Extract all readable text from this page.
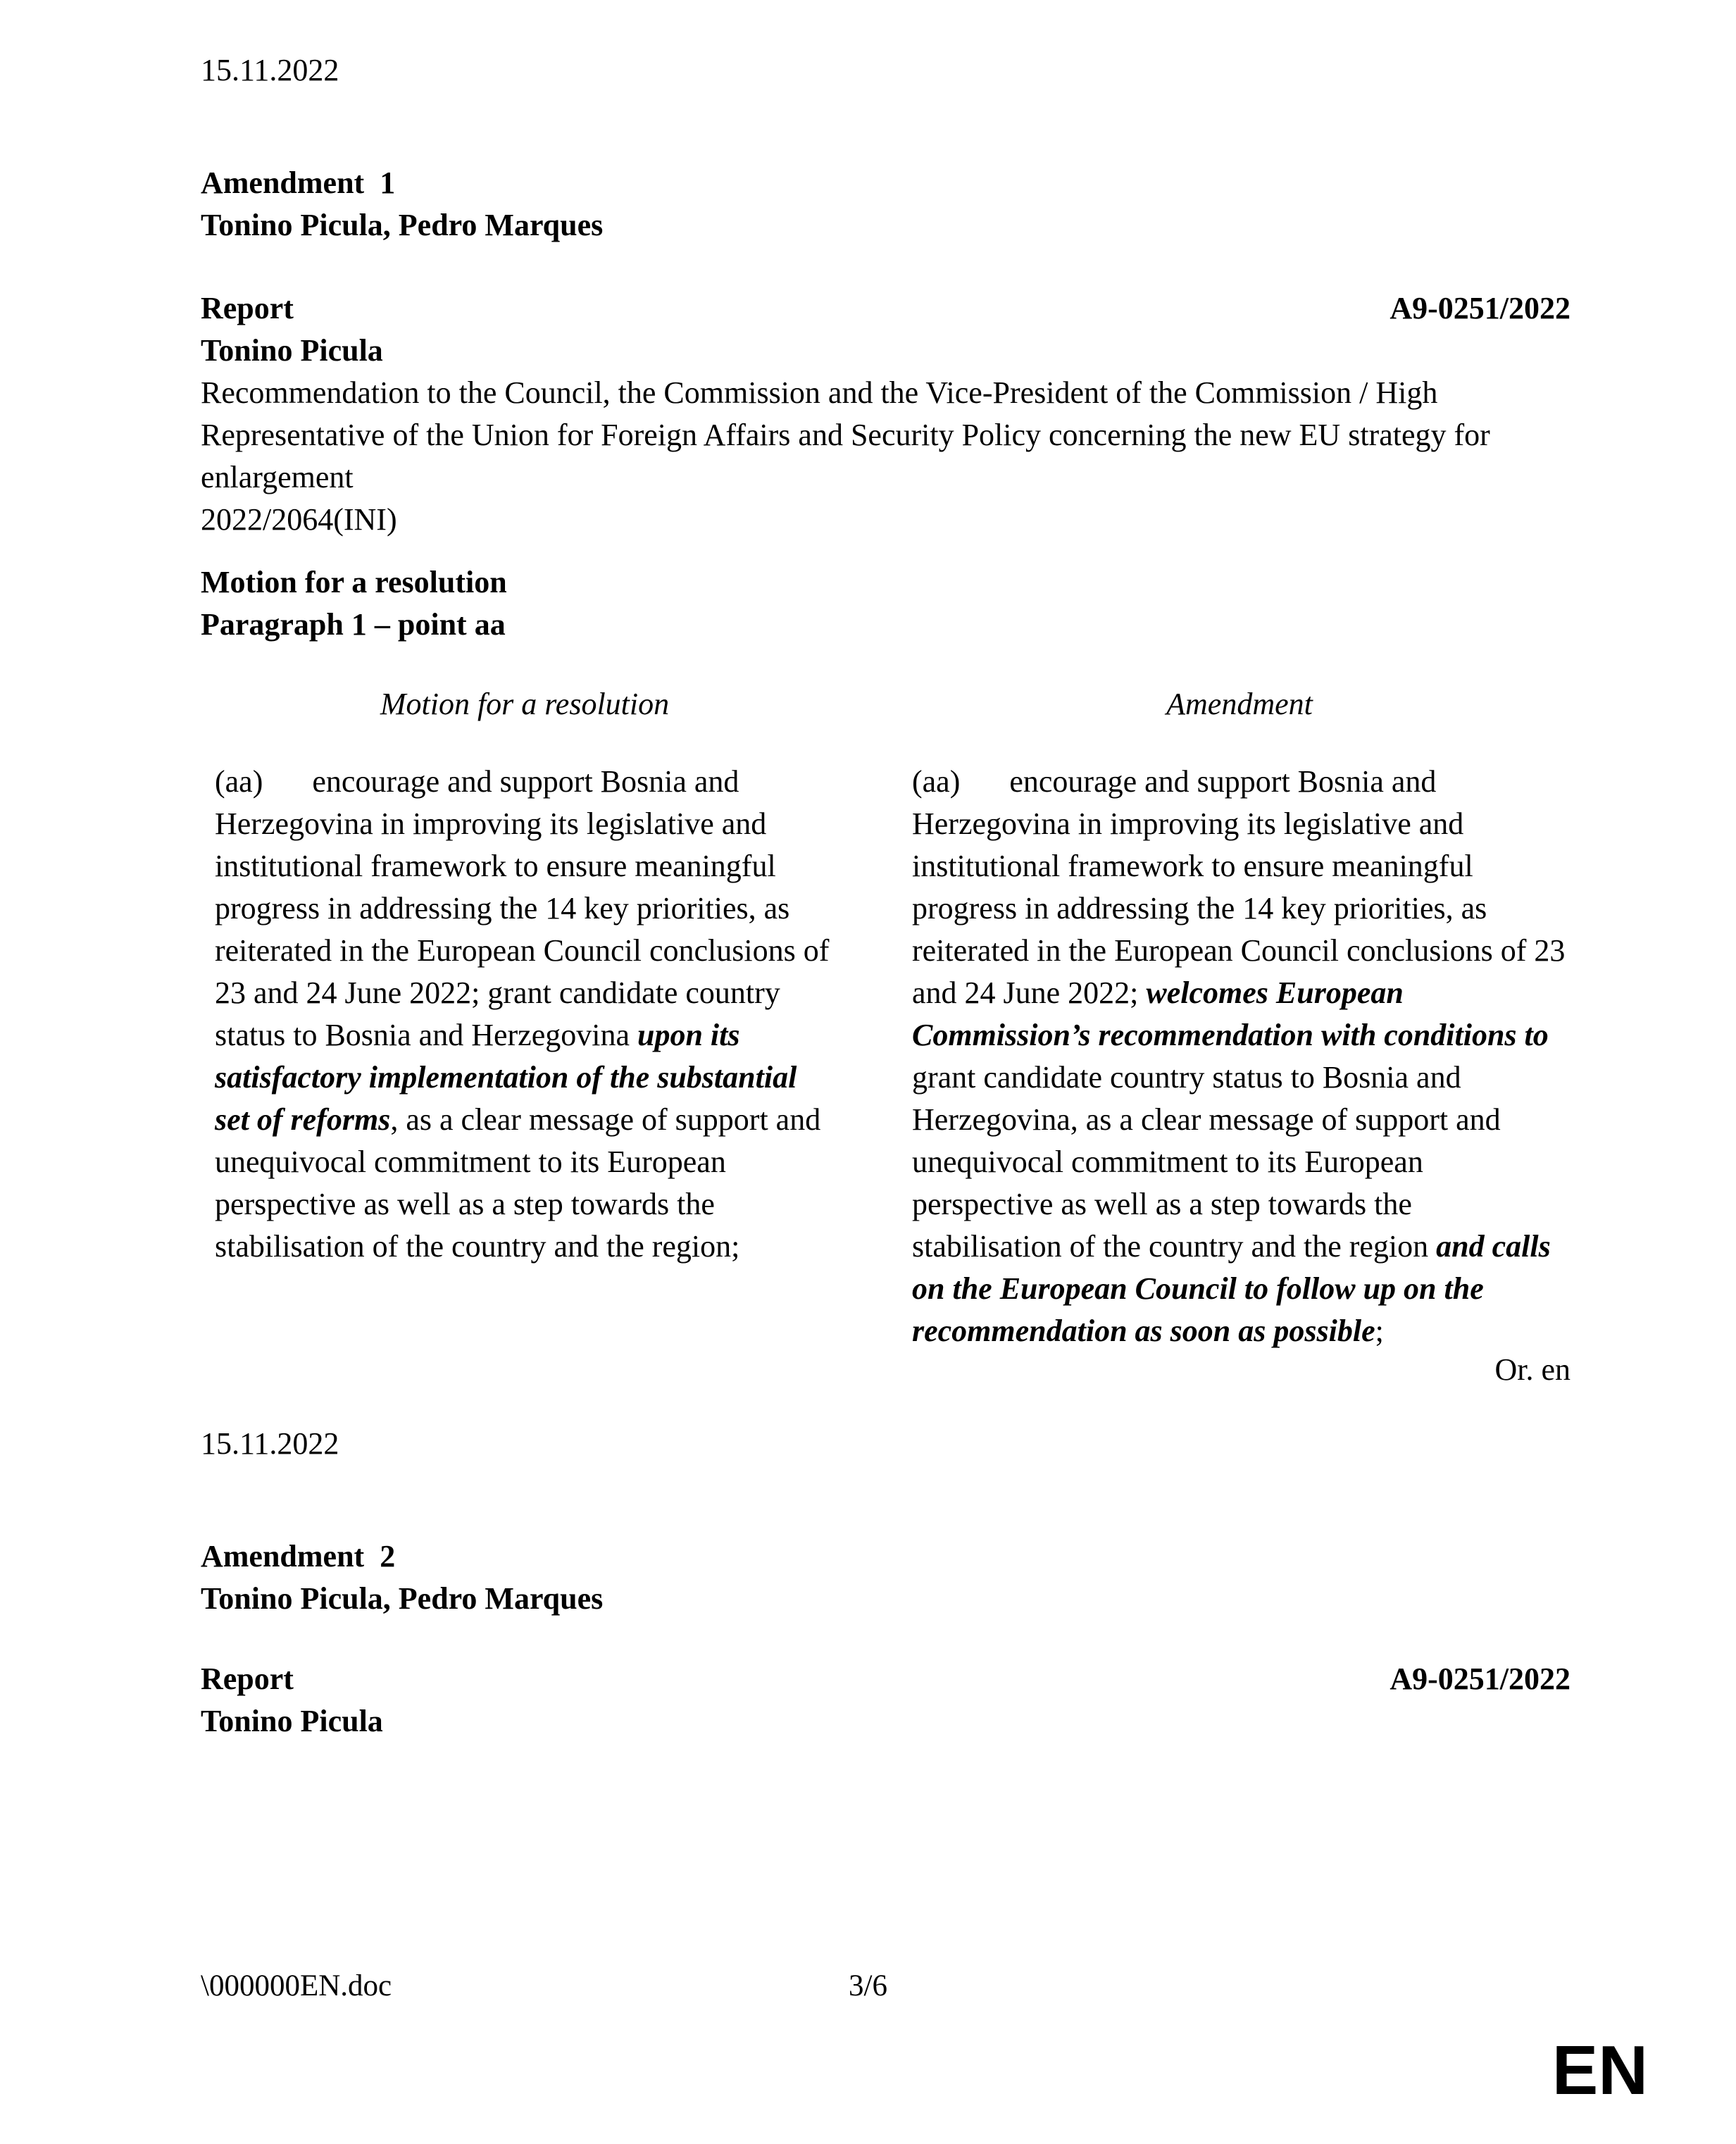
15.11.2022
Amendment  1
Tonino Picula, Pedro Marques
Report	A9-0251/2022
Tonino Picula
Recommendation to the Council, the Commission and the Vice-President of the Commission / High Representative of the Union for Foreign Affairs and Security Policy concerning the new EU strategy for enlargement
2022/2064(INI)
Motion for a resolution
Paragraph 1 – point aa
Motion for a resolution	Amendment
(aa) encourage and support Bosnia and Herzegovina in improving its legislative and institutional framework to ensure meaningful progress in addressing the 14 key priorities, as reiterated in the European Council conclusions of 23 and 24 June 2022; grant candidate country status to Bosnia and Herzegovina upon its satisfactory implementation of the substantial set of reforms, as a clear message of support and unequivocal commitment to its European perspective as well as a step towards the stabilisation of the country and the region;
(aa) encourage and support Bosnia and Herzegovina in improving its legislative and institutional framework to ensure meaningful progress in addressing the 14 key priorities, as reiterated in the European Council conclusions of 23 and 24 June 2022; welcomes European Commission’s recommendation with conditions to grant candidate country status to Bosnia and Herzegovina, as a clear message of support and unequivocal commitment to its European perspective as well as a step towards the stabilisation of the country and the region and calls on the European Council to follow up on the recommendation as soon as possible;
Or. en
15.11.2022
Amendment  2
Tonino Picula, Pedro Marques
Report	A9-0251/2022
Tonino Picula
\000000EN.doc	3/6
EN
